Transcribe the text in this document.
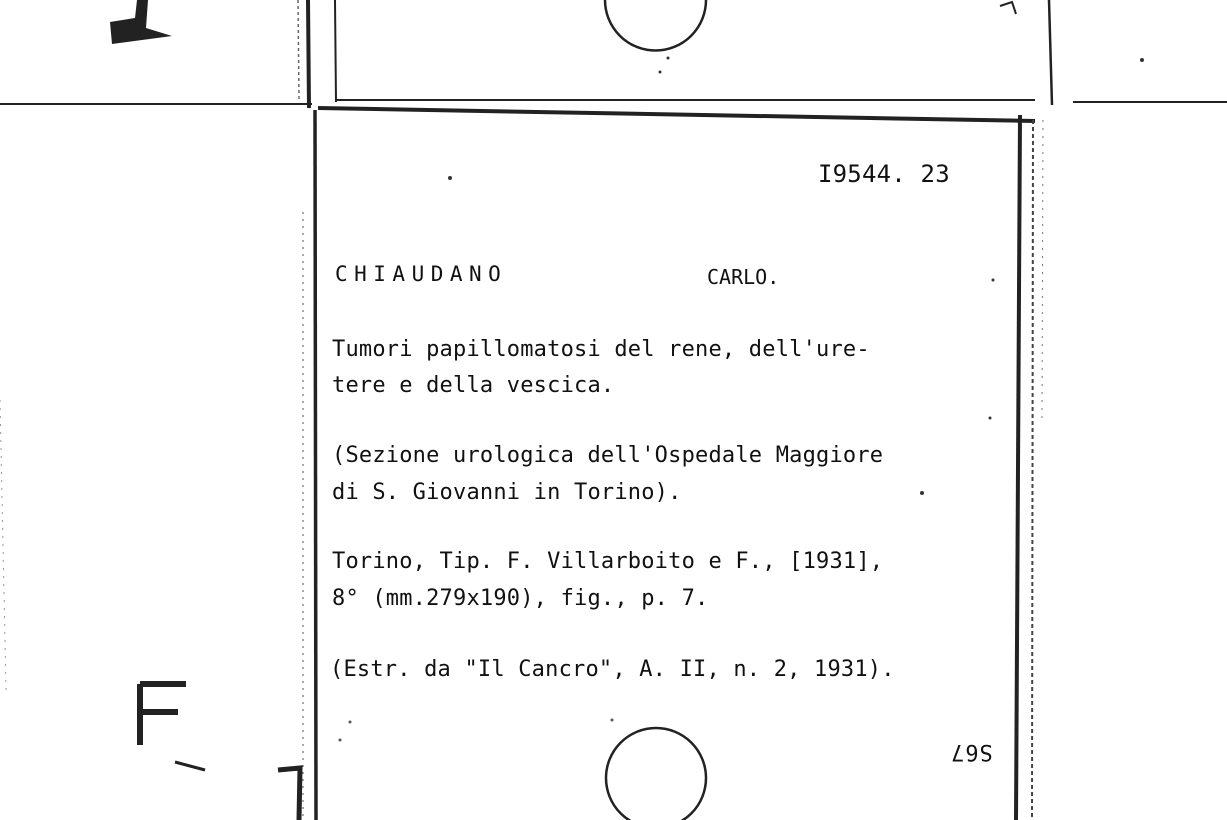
I9544. 23
CHIAUDANO	CARLO.
Tumori papillomatosi del rene, dell'ure-
tere e della vescica.
(Sezione urologica dell'Ospedale Maggiore
di S. Giovanni in Torino).
Torino, Tip. F. Villarboito e F., [1931],
8° (mm.279x190), fig., p. 7.
(Estr. da "Il Cancro", A. II, n. 2, 1931).
S67
